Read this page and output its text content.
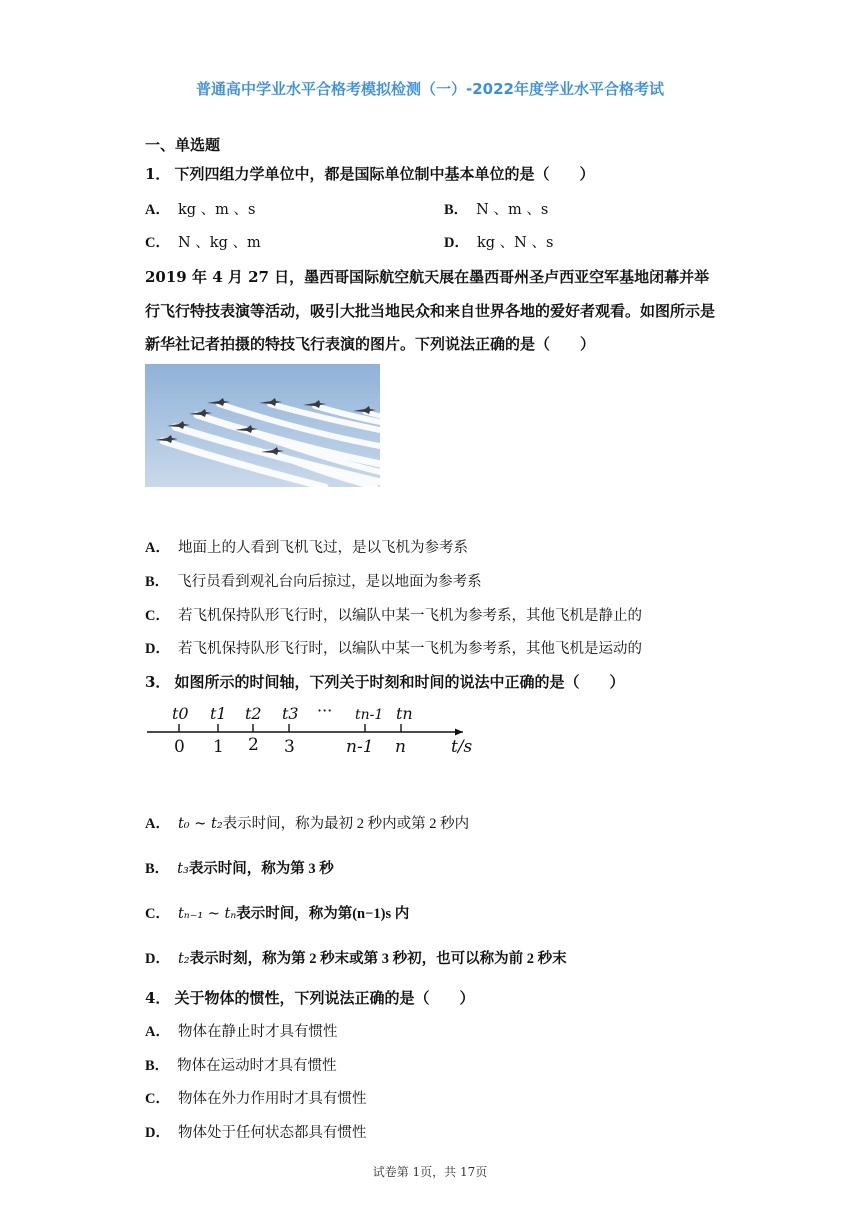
普通高中学业水平合格考模拟检测（一）-2022年度学业水平合格考试
一、单选题
1． 下列四组力学单位中，都是国际单位制中基本单位的是（　　）
A． kg 、m 、s	B． N 、m 、s
C． N 、kg 、m	D． kg 、N 、s
2019 年 4 月 27 日，墨西哥国际航空航天展在墨西哥州圣卢西亚空军基地闭幕并举
行飞行特技表演等活动，吸引大批当地民众和来自世界各地的爱好者观看。如图所示是
新华社记者拍摄的特技飞行表演的图片。下列说法正确的是（　　）
A． 地面上的人看到飞机飞过，是以飞机为参考系
B． 飞行员看到观礼台向后掠过，是以地面为参考系
C． 若飞机保持队形飞行时，以编队中某一飞机为参考系，其他飞机是静止的
D． 若飞机保持队形飞行时，以编队中某一飞机为参考系，其他飞机是运动的
3． 如图所示的时间轴，下列关于时刻和时间的说法中正确的是（　　）
t0 t1 t2 t3 ··· tn-1 tn
0 1 2 3	n-1 n	t/s
A． t₀ ~ t₂表示时间，称为最初 2 秒内或第 2 秒内
B． t₃表示时间，称为第 3 秒
C． tₙ₋₁ ~ tₙ表示时间，称为第(n−1)s 内
D． t₂表示时刻，称为第 2 秒末或第 3 秒初，也可以称为前 2 秒末
4． 关于物体的惯性，下列说法正确的是（　　）
A． 物体在静止时才具有惯性
B． 物体在运动时才具有惯性
C． 物体在外力作用时才具有惯性
D． 物体处于任何状态都具有惯性
试卷第 1页，共 17页
